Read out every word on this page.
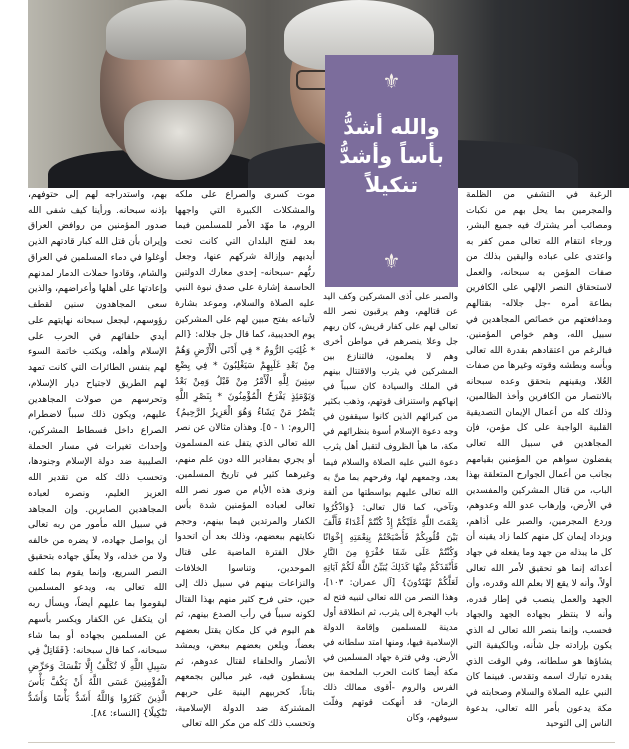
⚜
والله أشدُّ بأساً وأشدُّ تنكيلاً
⚜

الرغبة في التشفي من الظلمة والمجرمين بما يحل بهم من نكبات ومصائب أمر يشترك فيه جميع البشر، ورجاء انتقام الله تعالى ممن كفر به واعتدى على عباده واليقين بذلك من صفات المؤمن به سبحانه، والعمل لاستحقاق النصر الإلهي على الكافرين بطاعة أمره -جل جلاله- بقتالهم ومدافعتهم من خصائص المجاهدين في سبيل الله، وهم خواص المؤمنين. فبالرغم من اعتقادهم بقدرة الله تعالى وبأسه وبطشه وقوته وغيرها من صفات العُلا، ويقينهم بتحقق وعده سبحانه بالانتصار من الكافرين وأخذ الظالمين، وذلك كله من أعمال الإيمان التصديقية القلبية الواجبة على كل مؤمن، فإن المجاهدين في سبيل الله تعالى يفضلون سواهم من المؤمنين بقيامهم بجانب من أعمال الجوارح المتعلقة بهذا الباب، من قتال المشركين والمفسدين في الأرض، وإرهاب عدو الله وعدوهم، وردع المجرمين، والصبر على أذاهم، ويزداد إيمان كل منهم كلما زاد يقينه أن كل ما يبذله من جهد وما يفعله في جهاد أعدائه إنما هو تحقيق لأمر الله تعالى أولاً، وأنه لا يقع إلا بعلم الله وقدره، وأن الجهد والعمل ينصب في إطار قدره، وأنه لا ينتظر بجهاده الجهد والجهاد فحسب، وإنما بنصر الله تعالى له الذي يكون بإرادته جل شأنه، وبالكيفية التي يشاؤها هو سلطانه، وفي الوقت الذي يقدره تبارك اسمه وتقدس. فبينما كان النبي عليه الصلاة والسلام وصحابته في مكة يدعون بأمر الله تعالى، بدعوة الناس إلى التوحيد

والصبر على أذى المشركين وكف اليد عن قتالهم، وهم يرقبون نصر الله تعالى لهم على كفار قريش، كان ربهم جل وعلا ينصرهم في مواطن أخرى وهم لا يعلمون، فالتنازع بين المشركين في يثرب والاقتتال بينهم في الملك والسيادة كان سبباً في إنهاكهم واستنزاف قوتهم، وذهب بكثير من كبرائهم الذين كانوا سيقفون في وجه دعوة الإسلام أسوة بنظرائهم في مكة، ما هيأ الظروف لتقبل أهل يثرب دعوة النبي عليه الصلاة والسلام فيما بعد، وجمعهم لها، وفرحهم بما منَّ به الله تعالى عليهم بواسطتها من ألفة وتآخي، كما قال تعالى: {وَاذْكُرُوا نِعْمَتَ اللَّهِ عَلَيْكُمْ إِذْ كُنْتُمْ أَعْدَاءً فَأَلَّفَ بَيْنَ قُلُوبِكُمْ فَأَصْبَحْتُمْ بِنِعْمَتِهِ إِخْوَانًا وَكُنْتُمْ عَلَى شَفَا حُفْرَةٍ مِنَ النَّارِ فَأَنْقَذَكُمْ مِنْهَا كَذَلِكَ يُبَيِّنُ اللَّهُ لَكُمْ آيَاتِهِ لَعَلَّكُمْ تَهْتَدُونَ} [آل عمران: ١٠٣]، وهذا النصر من الله تعالى لنبيه فتح له باب الهجرة إلى يثرب، ثم انطلاقة أول مدينة للمسلمين وإقامة الدولة الإسلامية فيها، ومنها امتد سلطانه في الأرض. وفي فترة جهاد المسلمين في مكة أيضا كانت الحرب الملحمة بين الفرس والروم -أقوى ممالك ذلك الزمان- قد أنهكت قوتهم وفلّت سيوفهم، وكان

موت كسرى والصراع على ملكه والمشكلات الكبيرة التي واجهها الروم، ما مهّد الأمر للمسلمين فيما بعد لفتح البلدان التي كانت تحت أيديهم وإزالة شركهم عنها، وجعل ربُّهم -سبحانه- إحدى معارك الدولتين الحاسمة إشارة على صدق نبوة النبي عليه الصلاة والسلام، وموعد بشارة لأتباعه بفتح مبين لهم على المشركين يوم الحديبية، كما قال جل جلاله: {الم * غُلِبَتِ الرُّومُ * فِي أَدْنَى الْأَرْضِ وَهُمْ مِنْ بَعْدِ غَلَبِهِمْ سَيَغْلِبُونَ * فِي بِضْعِ سِنِينَ لِلَّهِ الْأَمْرُ مِنْ قَبْلُ وَمِنْ بَعْدُ وَيَوْمَئِذٍ يَفْرَحُ الْمُؤْمِنُونَ * بِنَصْرِ اللَّهِ يَنْصُرُ مَنْ يَشَاءُ وَهُوَ الْعَزِيزُ الرَّحِيمُ} [الروم: ١ - ٥]. وهذان مثالان عن نصر الله تعالى الذي يتفل عنه المسلمون أو يجري بمقادير الله دون علم منهم، وغيرهما كثير في تاريخ المسلمين. ونرى هذه الأيام من صور نصر الله تعالى لعباده المؤمنين شدة بأس الكفار والمرتدين فيما بينهم، وحجم نكايتهم ببعضهم، وذلك بعد أن اتحدوا خلال الفترة الماضية على قتال الموحدين، وتناسوا الخلافات والنزاعات بينهم في سبيل ذلك إلى حين، حتى فرح كثير منهم بهذا القتال لكونه سبباً في رأب الصدع بينهم، ثم هم اليوم في كل مكان يقتل بعضهم بعضاً، ويلعن بعضهم ببعض، ويمشد الأنصار والحلفاء لقتال عدوهم، ثم يسقطون فيه، غير مبالين بجمعهم بتاتاً، كحربيهم الينية على حربهم المشتركة ضد الدولة الإسلامية، وتحسب ذلك كله من مكر الله تعالى

بهم، واستدراجه لهم إلى حتوفهم، بإذنه سبحانه. ورأينا كيف شفى الله صدور المؤمنين من روافض العراق وإيران بأن قتل الله كبار قادتهم الذين أوغلوا في دماء المسلمين في العراق والشام، وقادوا حملات الدمار لمدنهم وإعادتها على أهلها وأعراضهم، والذين سعى المجاهدون سنين لقطف رؤوسهم، ليجعل سبحانه نهايتهم على أيدي حلفائهم في الحرب على الإسلام وأهله، ويكتب خاتمة السوء لهم بنفس الطائرات التي كانت تمهد لهم الطريق لاجتياح ديار الإسلام، وتحرسهم من صولات المجاهدين عليهم، ويكون ذلك سبباً لاضطرام الصراع داخل فسطاط المشركين، وإحداث تغيرات في مسار الحملة الصليبية ضد دولة الإسلام وجنودها، وتحسب ذلك كله من تقدير الله العزيز العليم، ونصره لعباده المجاهدين الصابرين. وإن المجاهد في سبيل الله مأمور من ربه تعالى أن يواصل جهاده، لا يضره من خالفه ولا من خذله، ولا يعلّق جهاده بتحقيق النصر السريع، وإنما يقوم بما كلفه الله تعالى به، ويدعو المسلمين ليقوموا بما عليهم أيضاً، ويسأل ربه أن يتكفل عن الكفار ويكسر بأسهم عن المسلمين بجهاده أو بما شاء سبحانه، كما قال سبحانه: {فَقَاتِلْ فِي سَبِيلِ اللَّهِ لَا تُكَلَّفُ إِلَّا نَفْسَكَ وَحَرِّضِ الْمُؤْمِنِينَ عَسَى اللَّهُ أَنْ يَكُفَّ بَأْسَ الَّذِينَ كَفَرُوا وَاللَّهُ أَشَدُّ بَأْسًا وَأَشَدُّ تَنْكِيلًا} [النساء: ٨٤].
